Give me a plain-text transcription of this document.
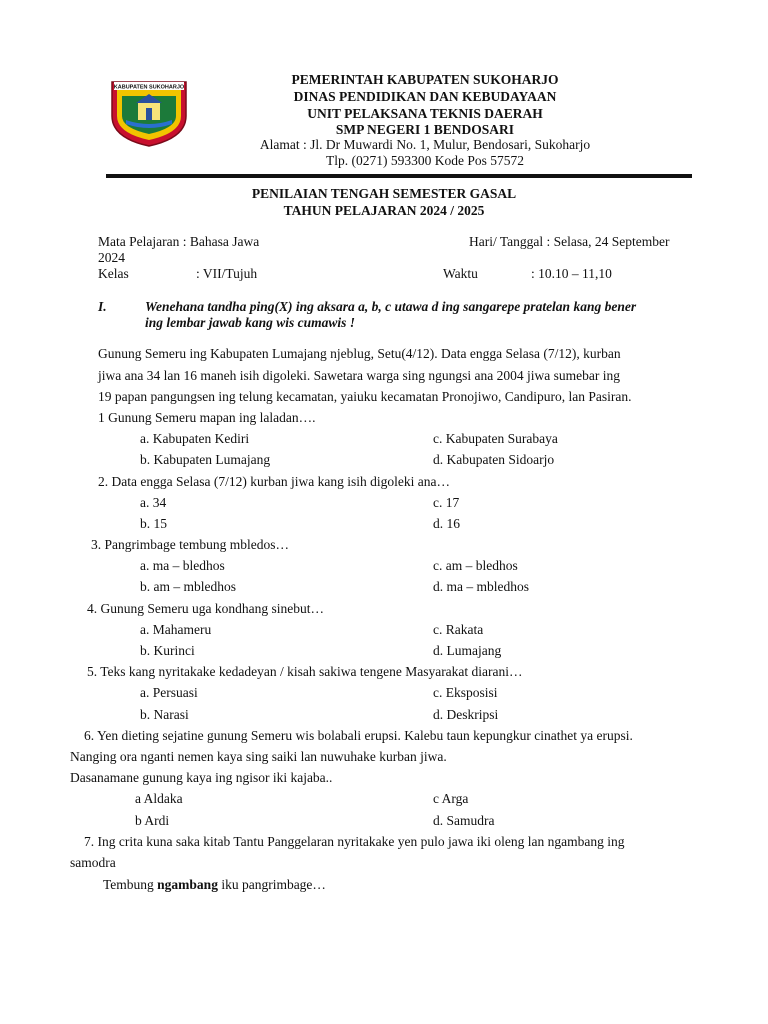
KABUPATEN SUKOHARJO
PEMERINTAH KABUPATEN SUKOHARJO
DINAS PENDIDIKAN DAN KEBUDAYAAN
UNIT PELAKSANA TEKNIS DAERAH
SMP NEGERI 1 BENDOSARI
Alamat : Jl. Dr Muwardi No. 1, Mulur, Bendosari, Sukoharjo
Tlp. (0271) 593300 Kode Pos 57572
PENILAIAN TENGAH SEMESTER GASAL
TAHUN PELAJARAN 2024 / 2025
Mata Pelajaran : Bahasa Jawa	Hari/ Tanggal : Selasa, 24 September
2024
Kelas	: VII/Tujuh	Waktu	: 10.10 – 11,10
I.	Wenehana tandha ping(X) ing aksara a, b, c utawa d ing sangarepe pratelan kang bener
ing lembar jawab kang wis cumawis !
Gunung Semeru ing Kabupaten Lumajang njeblug, Setu(4/12). Data engga Selasa (7/12), kurban
jiwa ana 34 lan 16 maneh isih digoleki. Sawetara warga sing ngungsi ana 2004 jiwa sumebar ing
19 papan pangungsen ing telung kecamatan, yaiuku kecamatan Pronojiwo, Candipuro, lan Pasiran.
1 Gunung Semeru mapan ing laladan….
a. Kabupaten Kediri	c. Kabupaten Surabaya
b. Kabupaten Lumajang	d. Kabupaten Sidoarjo
2. Data engga Selasa (7/12) kurban jiwa kang isih digoleki ana…
a. 34	c. 17
b. 15	d. 16
3. Pangrimbage tembung mbledos…
a. ma – bledhos	c. am – bledhos
b. am – mbledhos	d. ma – mbledhos
4. Gunung Semeru uga kondhang sinebut…
a. Mahameru	c. Rakata
b. Kurinci	d. Lumajang
5. Teks kang nyritakake kedadeyan / kisah sakiwa tengene Masyarakat diarani…
a. Persuasi	c. Eksposisi
b. Narasi	d. Deskripsi
6. Yen dieting sejatine gunung Semeru wis bolabali erupsi. Kalebu taun kepungkur cinathet ya erupsi.
Nanging ora nganti nemen kaya sing saiki lan nuwuhake kurban jiwa.
Dasanamane gunung kaya ing ngisor iki kajaba..
a Aldaka	c Arga
b Ardi	d. Samudra
7. Ing crita kuna saka kitab Tantu Panggelaran nyritakake yen pulo jawa iki oleng lan ngambang ing
samodra
Tembung ngambang iku pangrimbage…
